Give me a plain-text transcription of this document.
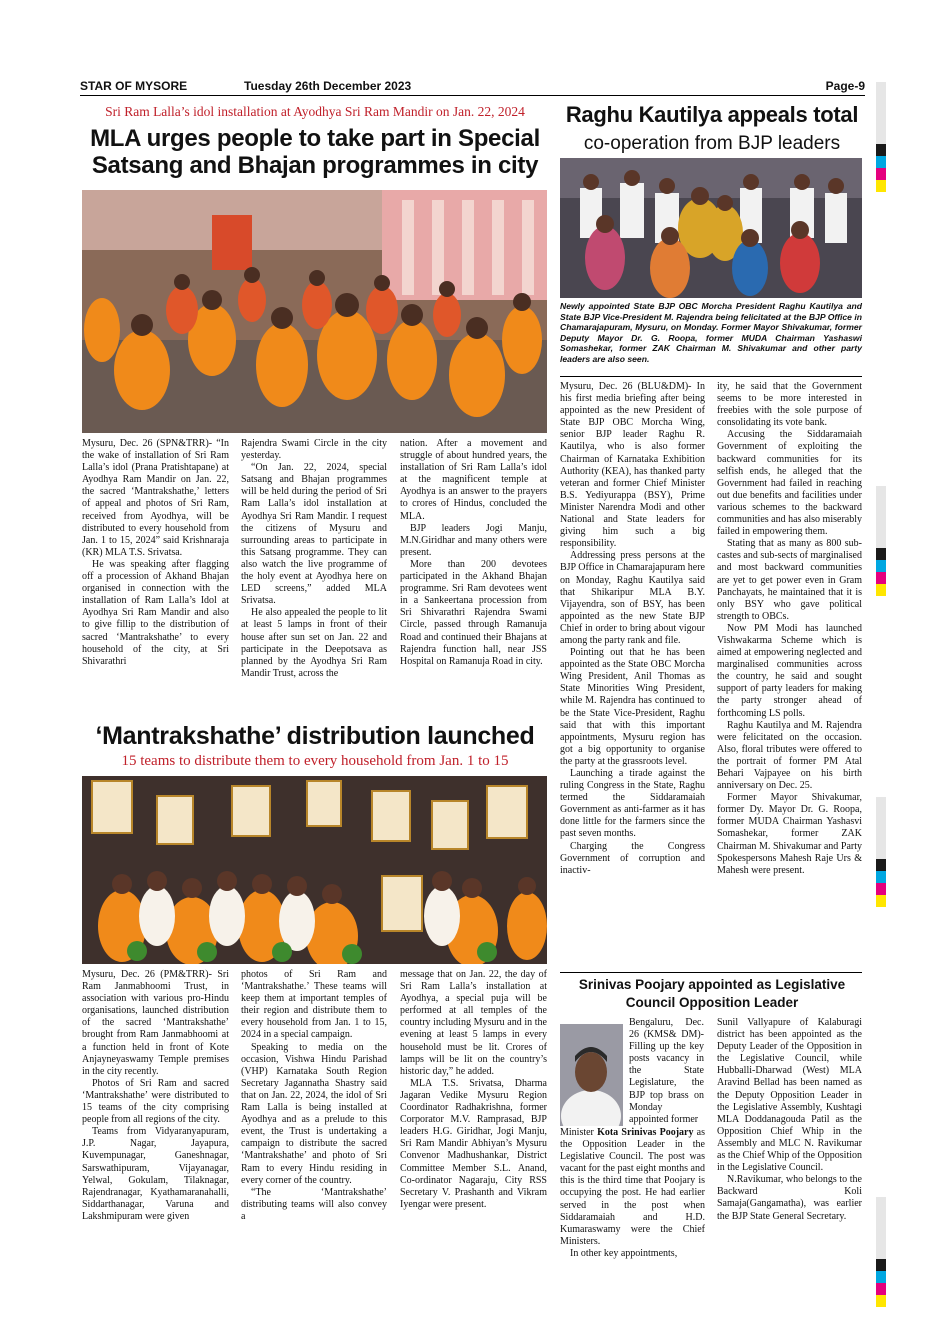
STAR OF MYSORE	Tuesday 26th December 2023	Page-9
Sri Ram Lalla’s idol installation at Ayodhya Sri Ram Mandir on Jan. 22, 2024
MLA urges people to take part in Special Satsang and Bhajan programmes in city

Mysuru, Dec. 26 (SPN&TRR)- “In the wake of installation of Sri Ram Lalla’s idol (Prana Pratishtapane) at Ayodhya Ram Mandir on Jan. 22, the sacred ‘Mantrakshathe,’ letters of appeal and photos of Sri Ram, received from Ayodhya, will be distributed to every household from Jan. 1 to 15, 2024” said Krishnaraja (KR) MLA T.S. Srivatsa.

He was speaking after flagging off a procession of Akhand Bhajan organised in connection with the installation of Ram Lalla’s Idol at Ayodhya Sri Ram Mandir and also to give fillip to the distribution of sacred ‘Mantrakshathe’ to every household of the city, at Sri Shivarathri

Rajendra Swami Circle in the city yesterday.

“On Jan. 22, 2024, special Satsang and Bhajan programmes will be held during the period of Sri Ram Lalla’s idol installation at Ayodhya Sri Ram Mandir. I request the citizens of Mysuru and surrounding areas to participate in this Satsang programme. They can also watch the live programme of the holy event at Ayodhya here on LED screens,” added MLA Srivatsa.

He also appealed the people to lit at least 5 lamps in front of their house after sun set on Jan. 22 and participate in the Deepotsava as planned by the Ayodhya Sri Ram Mandir Trust, across the

nation. After a movement and struggle of about hundred years, the installation of Sri Ram Lalla’s idol at the magnificent temple at Ayodhya is an answer to the prayers to crores of Hindus, concluded the MLA.

BJP leaders Jogi Manju, M.N.Giridhar and many others were present.

More than 200 devotees participated in the Akhand Bhajan programme. Sri Ram devotees went in a Sankeertana procession from Sri Shivarathri Rajendra Swami Circle, passed through Ramanuja Road and continued their Bhajans at Rajendra function hall, near JSS Hospital on Ramanuja Road in city.

‘Mantrakshathe’ distribution launched
15 teams to distribute them to every household from Jan. 1 to 15

Mysuru, Dec. 26 (PM&TRR)- Sri Ram Janmabhoomi Trust, in association with various pro-Hindu organisations, launched distribution of the sacred ‘Mantrakshathe’ brought from Ram Janmabhoomi at a function held in front of Kote Anjayneyaswamy Temple premises in the city recently.

Photos of Sri Ram and sacred ‘Mantrakshathe’ were distributed to 15 teams of the city comprising people from all regions of the city.

Teams from Vidyaranyapuram, J.P. Nagar, Jayapura, Kuvempunagar, Ganeshnagar, Sarswathipuram, Vijayanagar, Yelwal, Gokulam, Tilaknagar, Rajendranagar, Kyathamaranahalli, Siddarthanagar, Varuna and Lakshmipuram were given

photos of Sri Ram and ‘Mantrakshathe.’ These teams will keep them at important temples of their region and distribute them to every household from Jan. 1 to 15, 2024 in a special campaign.

Speaking to media on the occasion, Vishwa Hindu Parishad (VHP) Karnataka South Region Secretary Jagannatha Shastry said that on Jan. 22, 2024, the idol of Sri Ram Lalla is being installed at Ayodhya and as a prelude to this event, the Trust is undertaking a campaign to distribute the sacred ‘Mantrakshathe’ and photo of Sri Ram to every Hindu residing in every corner of the country.

“The ‘Mantrakshathe’ distributing teams will also convey a

message that on Jan. 22, the day of Sri Ram Lalla’s installation at Ayodhya, a special puja will be performed at all temples of the country including Mysuru and in the evening at least 5 lamps in every household must be lit. Crores of lamps will be lit on the country’s historic day,” he added.

MLA T.S. Srivatsa, Dharma Jagaran Vedike Mysuru Region Coordinator Radhakrishna, former Corporator M.V. Ramprasad, BJP leaders H.G. Giridhar, Jogi Manju, Sri Ram Mandir Abhiyan’s Mysuru Convenor Madhushankar, District Committee Member S.L. Anand, Co-ordinator Nagaraju, City RSS Secretary V. Prashanth and Vikram Iyengar were present.

Raghu Kautilya appeals total
co-operation from BJP leaders
Newly appointed State BJP OBC Morcha President Raghu Kautilya and State BJP Vice-President M. Rajendra being felicitated at the BJP Office in Chamarajapuram, Mysuru, on Monday. Former Mayor Shivakumar, former Deputy Mayor Dr. G. Roopa, former MUDA Chairman Yashaswi Somashekar, former ZAK Chairman M. Shivakumar and other party leaders are also seen.

Mysuru, Dec. 26 (BLU&DM)- In his first media briefing after being appointed as the new President of State BJP OBC Morcha Wing, senior BJP leader Raghu R. Kautilya, who is also former Chairman of Karnataka Exhibition Authority (KEA), has thanked party veteran and former Chief Minister B.S. Yediyurappa (BSY), Prime Minister Narendra Modi and other National and State leaders for giving him such a big responsibility.

Addressing press persons at the BJP Office in Chamarajapuram here on Monday, Raghu Kautilya said that Shikaripur MLA B.Y. Vijayendra, son of BSY, has been appointed as the new State BJP Chief in order to bring about vigour among the party rank and file.

Pointing out that he has been appointed as the State OBC Morcha Wing President, Anil Thomas as State Minorities Wing President, while M. Rajendra has continued to be the State Vice-President, Raghu said that with this important appointments, Mysuru region has got a big opportunity to organise the party at the grassroots level.

Launching a tirade against the ruling Congress in the State, Raghu termed the Siddaramaiah Government as anti-farmer as it has done little for the farmers since the past seven months.

Charging the Congress Government of corruption and inactiv-

ity, he said that the Government seems to be more interested in freebies with the sole purpose of consolidating its vote bank.

Accusing the Siddaramaiah Government of exploiting the backward communities for its selfish ends, he alleged that the Government had failed in reaching out due benefits and facilities under various schemes to the backward communities and has also miserably failed in empowering them.

Stating that as many as 800 sub-castes and sub-sects of marginalised and most backward communities are yet to get power even in Gram Panchayats, he maintained that it is only BSY who gave political strength to OBCs.

Now PM Modi has launched Vishwakarma Scheme which is aimed at empowering neglected and marginalised communities across the country, he said and sought support of party leaders for making the party stronger ahead of forthcoming LS polls.

Raghu Kautilya and M. Rajendra were felicitated on the occasion. Also, floral tributes were offered to the portrait of former PM Atal Behari Vajpayee on his birth anniversary on Dec. 25.

Former Mayor Shivakumar, former Dy. Mayor Dr. G. Roopa, former MUDA Chairman Yashasvi Somashekar, former ZAK Chairman M. Shivakumar and Party Spokespersons Mahesh Raje Urs & Mahesh were present.

Srinivas Poojary appointed as Legislative
Council Opposition Leader

Bengaluru, Dec. 26 (KMS& DM)- Filling up the key posts vacancy in the State Legislature, the BJP top brass on Monday appointed former

Minister Kota Srinivas Poojary as the Opposition Leader in the Legislative Council. The post was vacant for the past eight months and this is the third time that Poojary is occupying the post. He had earlier served in the post when Siddaramaiah and H.D. Kumaraswamy were the Chief Ministers.

In other key appointments,

Sunil Vallyapure of Kalaburagi district has been appointed as the Deputy Leader of the Opposition in the Legislative Council, while Hubballi-Dharwad (West) MLA Aravind Bellad has been named as the Deputy Opposition Leader in the Legislative Assembly, Kushtagi MLA Doddanagouda Patil as the Opposition Chief Whip in the Assembly and MLC N. Ravikumar as the Chief Whip of the Opposition in the Legislative Council.

N.Ravikumar, who belongs to the Backward Koli Samaja(Gangamatha), was earlier the BJP State General Secretary.
